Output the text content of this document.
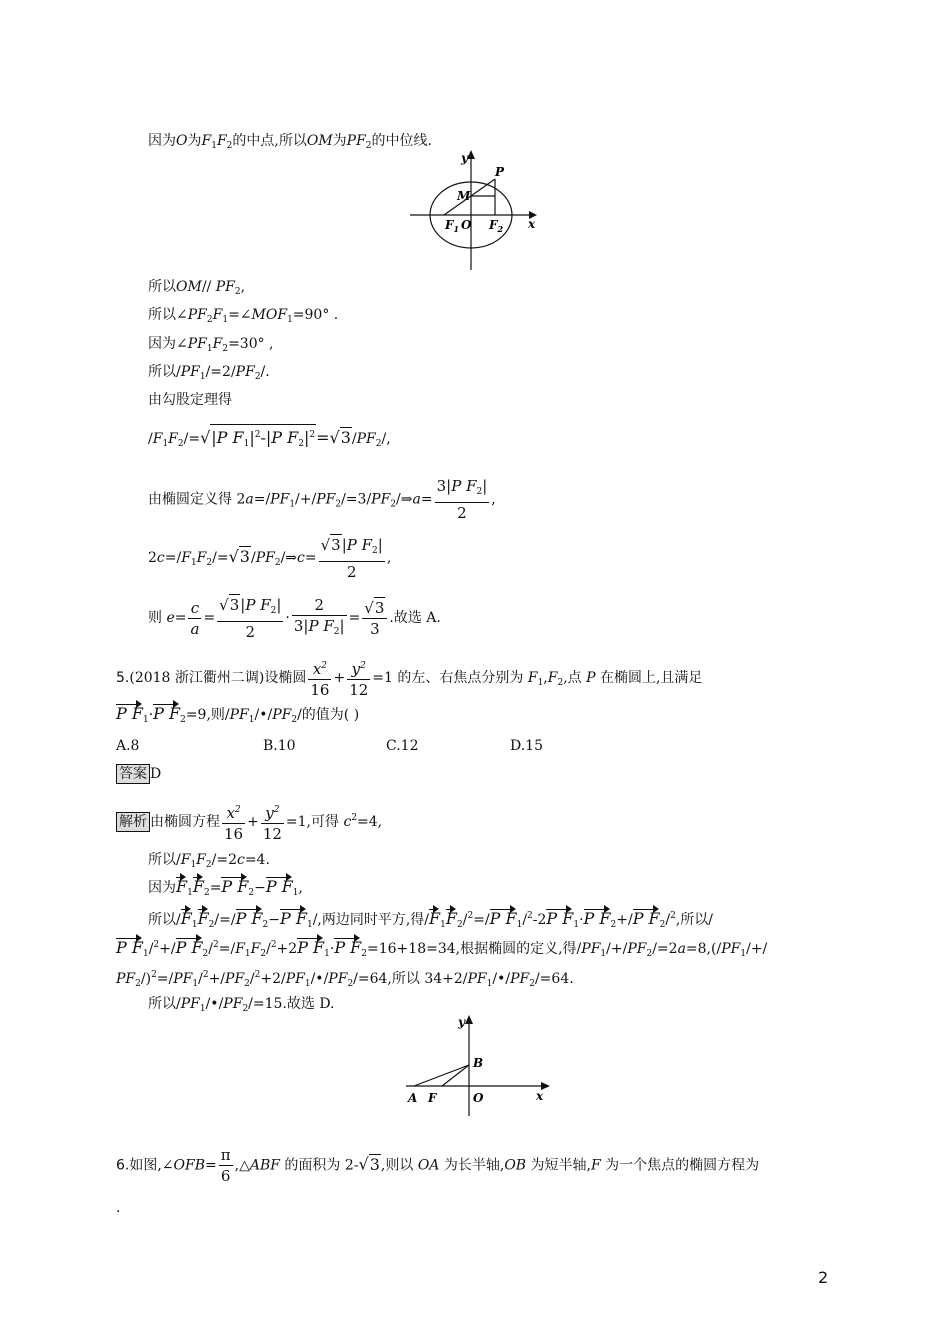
因为O为$F_1F_2$的中点,所以OM为$PF_2$的中位线.
y
x
P
M
$F_1$ O $F_2$
所以OM// $PF_2$,
所以$\angle PF_2F_1=\angle MOF_1=90^\circ$ .
因为$\angle PF_1F_2=30^\circ$ ,
所以$/PF_1/=2/PF_2/$.
由勾股定理得
$/F_1F_2/=√|P$ $F_1|^2-|P$ $F_2|^2=√3/PF_2/$,
由椭圆定义得 $2a=/PF_1/+/PF_2/=3/PF_2/\Rightarrow a= \frac{3|P F_2|}{2}$ ,
$2c=/F_1F_2/=√3/PF_2/\Rightarrow c= \frac{√3|P F_2|}{2}$ ,
则 $e= \frac{c}{a} = \frac{√3|P F_2|}{2} \cdot \frac{2}{3|P F_2|} = \frac{√3}{3}$ .故选 A.
5.(2018 浙江衢州二调)设椭圆 $\frac{x^2}{16} + \frac{y^2}{12} =1$ 的左、右焦点分别为 $F_1,F_2$,点 P 在椭圆上,且满足
P $F_1\cdot P$ $F_2=9$,则$/PF_1/•/PF_2/$的值为( )
A.8	B.10	C.12	D.15
答案 D
解析 由椭圆方程 $\frac{x^2}{16} + \frac{y^2}{12} =1$,可得 $c^2=4$,
所以$/F_1F_2/=2c=4$.
因为$F_1F_2=P$ $F_2-P$ $F_1$,
所以$/F_1F_2/=/P$ $F_2-P$ $F_1/$,两边同时平方,得$/F_1F_2/^2=/P$ $F_1/^2-2P$ $F_1\cdot P$ $F_2+/P$ $F_2/^2$,所以/
P $F_1/^2+/P$ $F_2/^2=/F_1F_2/^2+2P$ $F_1\cdot P$ $F_2=16+18=34$,根据椭圆的定义,得$/PF_1/+/PF_2/=2a=8,(/PF_1/+/$
$PF_2/)^2=/PF_1/^2+/PF_2/^2+2/PF_1/•/PF_2/=64$,所以 $34+2/PF_1/•/PF_2/=64$.
所以$/PF_1/•/PF_2/=15$.故选 D.
y
x
A F	O
B
6.如图,∠OFB= $\frac{\pi}{6}$ ,△ABF 的面积为 2-√3,则以 OA 为长半轴,OB 为短半轴,F 为一个焦点的椭圆方程为
.
2
